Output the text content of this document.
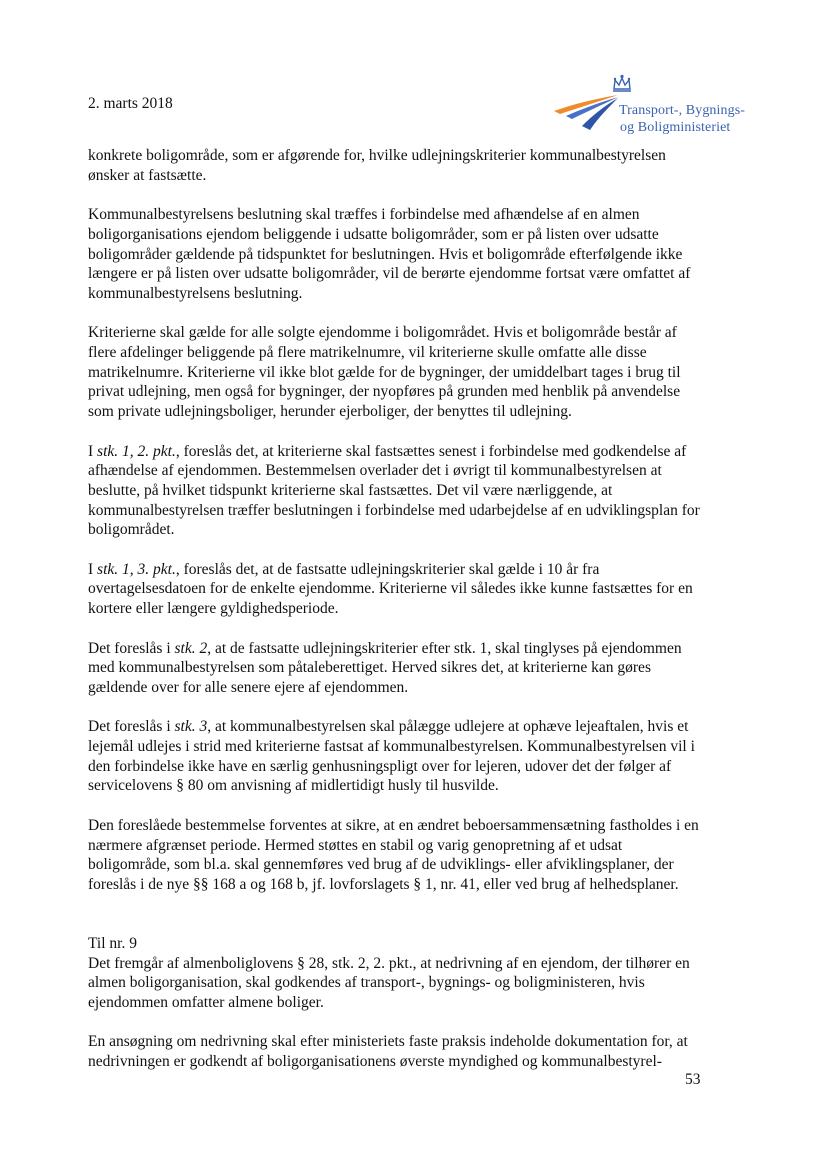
2. marts 2018	Transport-, Bygnings-
og Boligministeriet

konkrete boligområde, som er afgørende for, hvilke udlejningskriterier kommunalbestyrelsen ønsker at fastsætte.

Kommunalbestyrelsens beslutning skal træffes i forbindelse med afhændelse af en almen boligorganisations ejendom beliggende i udsatte boligområder, som er på listen over udsatte boligområder gældende på tidspunktet for beslutningen. Hvis et boligområde efterfølgende ikke længere er på listen over udsatte boligområder, vil de berørte ejendomme fortsat være omfattet af kommunalbestyrelsens beslutning.

Kriterierne skal gælde for alle solgte ejendomme i boligområdet. Hvis et boligområde består af flere afdelinger beliggende på flere matrikelnumre, vil kriterierne skulle omfatte alle disse matrikelnumre. Kriterierne vil ikke blot gælde for de bygninger, der umiddelbart tages i brug til privat udlejning, men også for bygninger, der nyopføres på grunden med henblik på anvendelse som private udlejningsboliger, herunder ejerboliger, der benyttes til udlejning.

I stk. 1, 2. pkt., foreslås det, at kriterierne skal fastsættes senest i forbindelse med godkendelse af afhændelse af ejendommen. Bestemmelsen overlader det i øvrigt til kommunalbestyrelsen at beslutte, på hvilket tidspunkt kriterierne skal fastsættes. Det vil være nærliggende, at kommunalbestyrelsen træffer beslutningen i forbindelse med udarbejdelse af en udviklingsplan for boligområdet.

I stk. 1, 3. pkt., foreslås det, at de fastsatte udlejningskriterier skal gælde i 10 år fra overtagelsesdatoen for de enkelte ejendomme. Kriterierne vil således ikke kunne fastsættes for en kortere eller længere gyldighedsperiode.

Det foreslås i stk. 2, at de fastsatte udlejningskriterier efter stk. 1, skal tinglyses på ejendommen med kommunalbestyrelsen som påtaleberettiget. Herved sikres det, at kriterierne kan gøres gældende over for alle senere ejere af ejendommen.

Det foreslås i stk. 3, at kommunalbestyrelsen skal pålægge udlejere at ophæve lejeaftalen, hvis et lejemål udlejes i strid med kriterierne fastsat af kommunalbestyrelsen. Kommunalbestyrelsen vil i den forbindelse ikke have en særlig genhusningspligt over for lejeren, udover det der følger af servicelovens § 80 om anvisning af midlertidigt husly til husvilde.

Den foreslåede bestemmelse forventes at sikre, at en ændret beboersammensætning fastholdes i en nærmere afgrænset periode. Hermed støttes en stabil og varig genopretning af et udsat boligområde, som bl.a. skal gennemføres ved brug af de udviklings- eller afviklingsplaner, der foreslås i de nye §§ 168 a og 168 b, jf. lovforslagets § 1, nr. 41, eller ved brug af helhedsplaner.

Til nr. 9
Det fremgår af almenboliglovens § 28, stk. 2, 2. pkt., at nedrivning af en ejendom, der tilhører en almen boligorganisation, skal godkendes af transport-, bygnings- og boligministeren, hvis ejendommen omfatter almene boliger.

En ansøgning om nedrivning skal efter ministeriets faste praksis indeholde dokumentation for, at nedrivningen er godkendt af boligorganisationens øverste myndighed og kommunalbestyrel-

53
